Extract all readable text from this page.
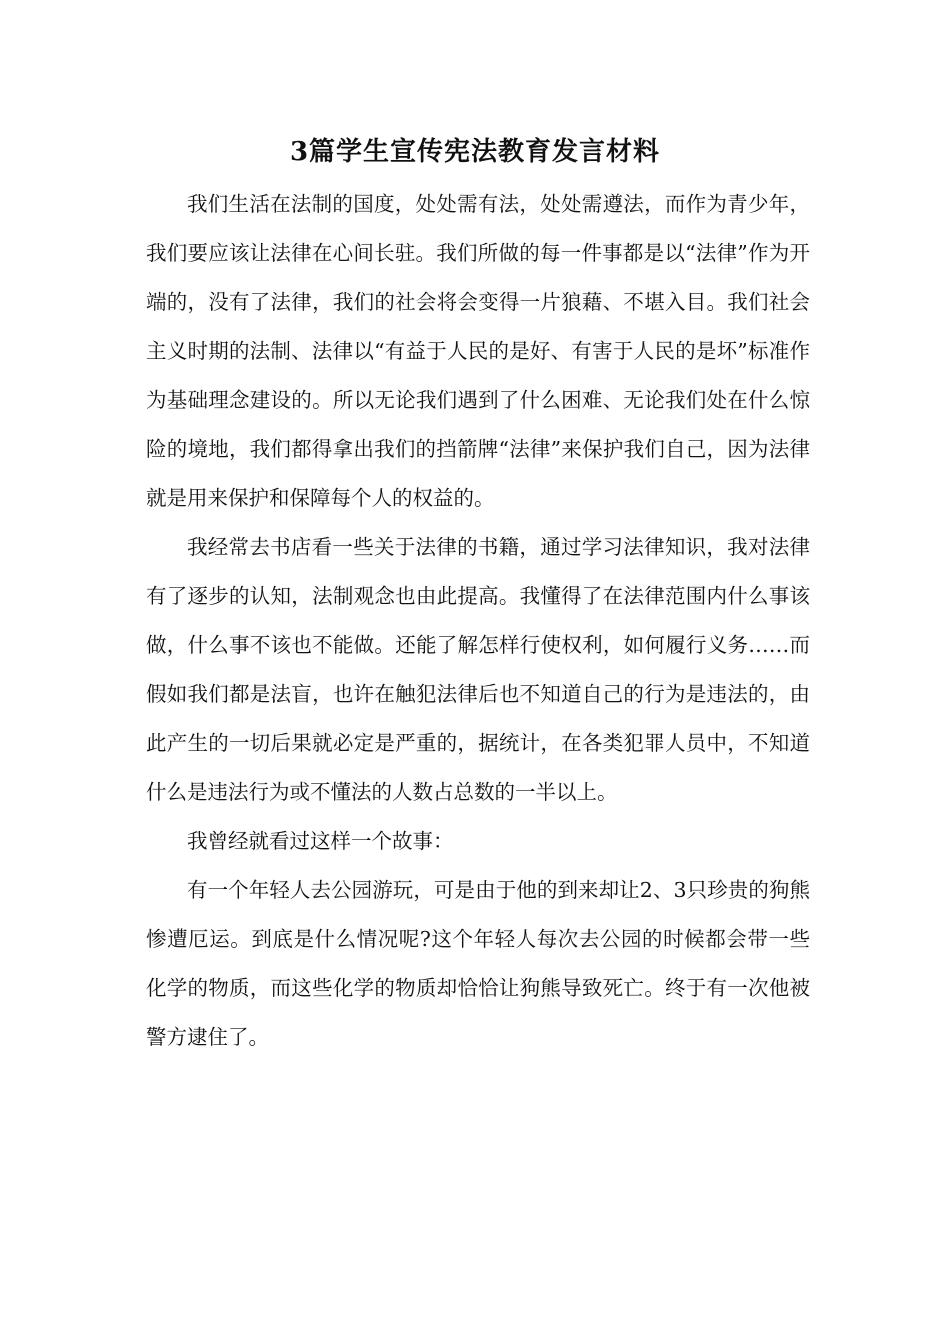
3篇学生宣传宪法教育发言材料

我们生活在法制的国度，处处需有法，处处需遵法，而作为青少年，我们要应该让法律在心间长驻。我们所做的每一件事都是以“法律”作为开端的，没有了法律，我们的社会将会变得一片狼藉、不堪入目。我们社会主义时期的法制、法律以“有益于人民的是好、有害于人民的是坏”标准作为基础理念建设的。所以无论我们遇到了什么困难、无论我们处在什么惊险的境地，我们都得拿出我们的挡箭牌“法律”来保护我们自己，因为法律就是用来保护和保障每个人的权益的。

我经常去书店看一些关于法律的书籍，通过学习法律知识，我对法律有了逐步的认知，法制观念也由此提高。我懂得了在法律范围内什么事该做，什么事不该也不能做。还能了解怎样行使权利，如何履行义务……而假如我们都是法盲，也许在触犯法律后也不知道自己的行为是违法的，由此产生的一切后果就必定是严重的，据统计，在各类犯罪人员中，不知道什么是违法行为或不懂法的人数占总数的一半以上。

我曾经就看过这样一个故事：

有一个年轻人去公园游玩，可是由于他的到来却让2、3只珍贵的狗熊惨遭厄运。到底是什么情况呢?这个年轻人每次去公园的时候都会带一些化学的物质，而这些化学的物质却恰恰让狗熊导致死亡。终于有一次他被警方逮住了。
